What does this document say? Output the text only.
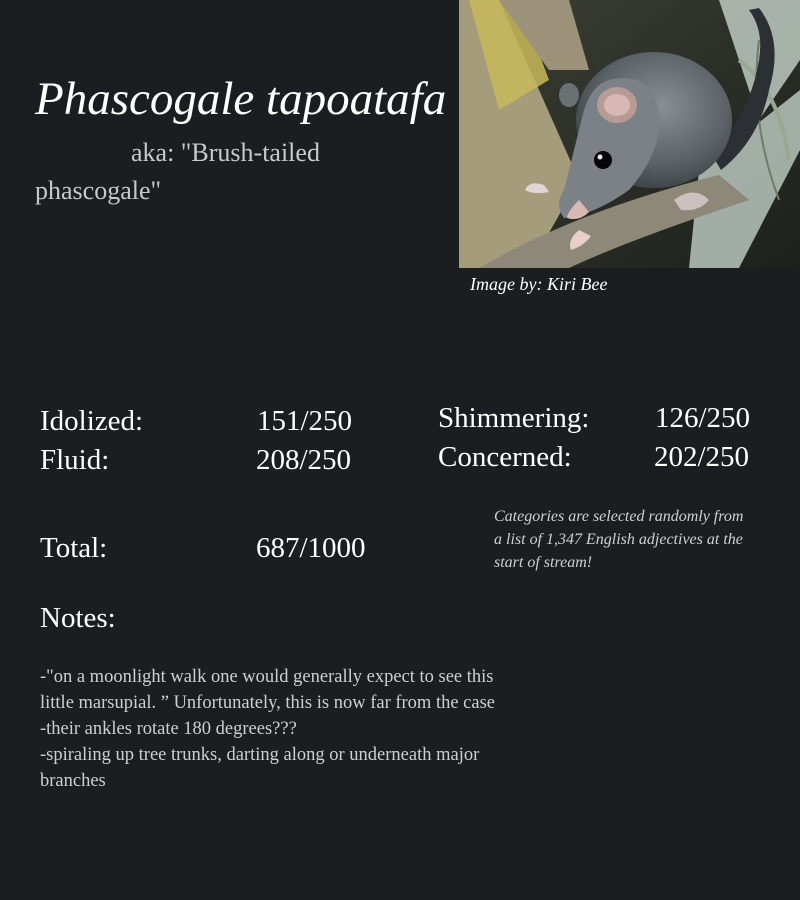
Phascogale tapoatafa
aka: "Brush-tailed phascogale"
Image by: Kiri Bee
Idolized:	151/250
Fluid:	208/250
Shimmering: 126/250
Concerned:	202/250
Total:	687/1000
Categories are selected randomly from a list of 1,347 English adjectives at the start of stream!
Notes:
-"on a moonlight walk one would generally expect to see this little marsupial. ” Unfortunately, this is now far from the case
-their ankles rotate 180 degrees???
-spiraling up tree trunks, darting along or underneath major branches
